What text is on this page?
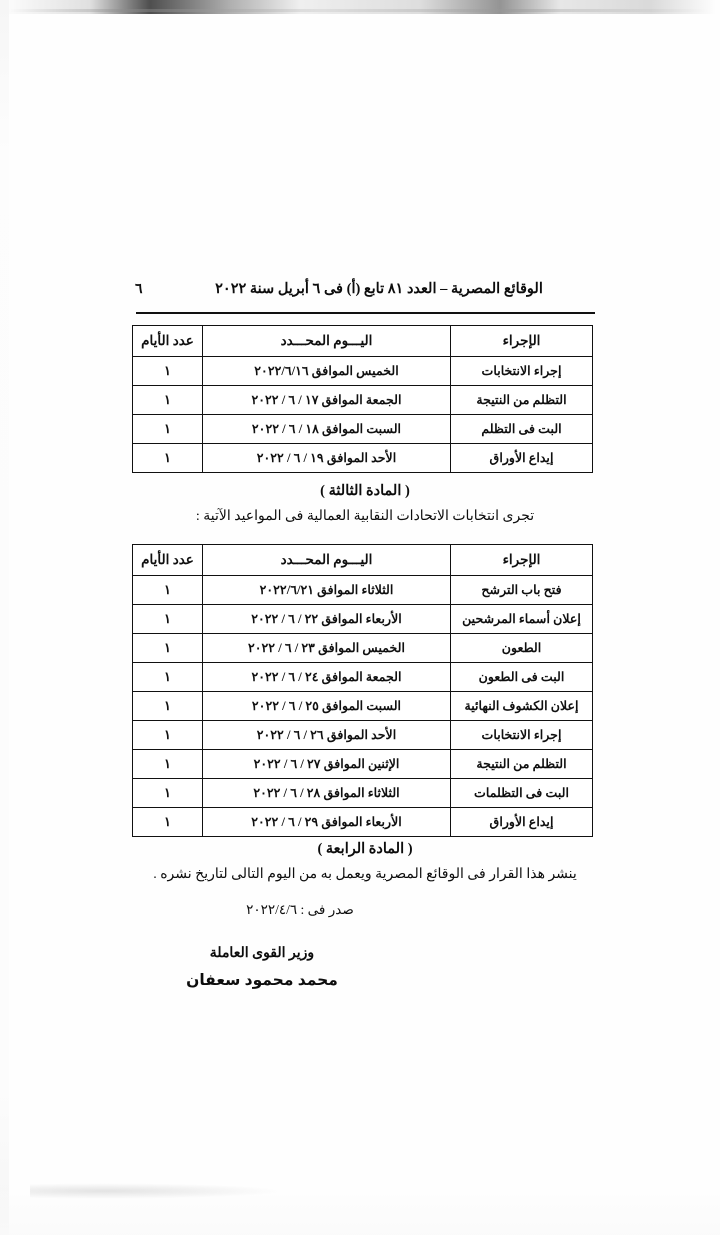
الوقائع المصرية – العدد ٨١ تابع (أ) فى ٦ أبريل سنة ٢٠٢٢
٦
الإجراء	اليـــوم المحـــدد	عدد الأيام
إجراء الانتخابات	الخميس الموافق ٢٠٢٢/٦/١٦	١
التظلم من النتيجة	الجمعة الموافق ١٧ / ٦ / ٢٠٢٢	١
البت فى التظلم	السبت الموافق ١٨ / ٦ / ٢٠٢٢	١
إيداع الأوراق	الأحد الموافق ١٩ / ٦ / ٢٠٢٢	١
( المادة الثالثة )
تجرى انتخابات الاتحادات النقابية العمالية فى المواعيد الآتية :
الإجراء	اليـــوم المحـــدد	عدد الأيام
فتح باب الترشح	الثلاثاء الموافق ٢٠٢٢/٦/٢١	١
إعلان أسماء المرشحين	الأربعاء الموافق ٢٢ / ٦ / ٢٠٢٢	١
الطعون	الخميس الموافق ٢٣ / ٦ / ٢٠٢٢	١
البت فى الطعون	الجمعة الموافق ٢٤ / ٦ / ٢٠٢٢	١
إعلان الكشوف النهائية	السبت الموافق ٢٥ / ٦ / ٢٠٢٢	١
إجراء الانتخابات	الأحد الموافق ٢٦ / ٦ / ٢٠٢٢	١
التظلم من النتيجة	الإثنين الموافق ٢٧ / ٦ / ٢٠٢٢	١
البت فى التظلمات	الثلاثاء الموافق ٢٨ / ٦ / ٢٠٢٢	١
إيداع الأوراق	الأربعاء الموافق ٢٩ / ٦ / ٢٠٢٢	١
( المادة الرابعة )
ينشر هذا القرار فى الوقائع المصرية ويعمل به من اليوم التالى لتاريخ نشره .
صدر فى : ٢٠٢٢/٤/٦
وزير القوى العاملة
محمد محمود سعفان
